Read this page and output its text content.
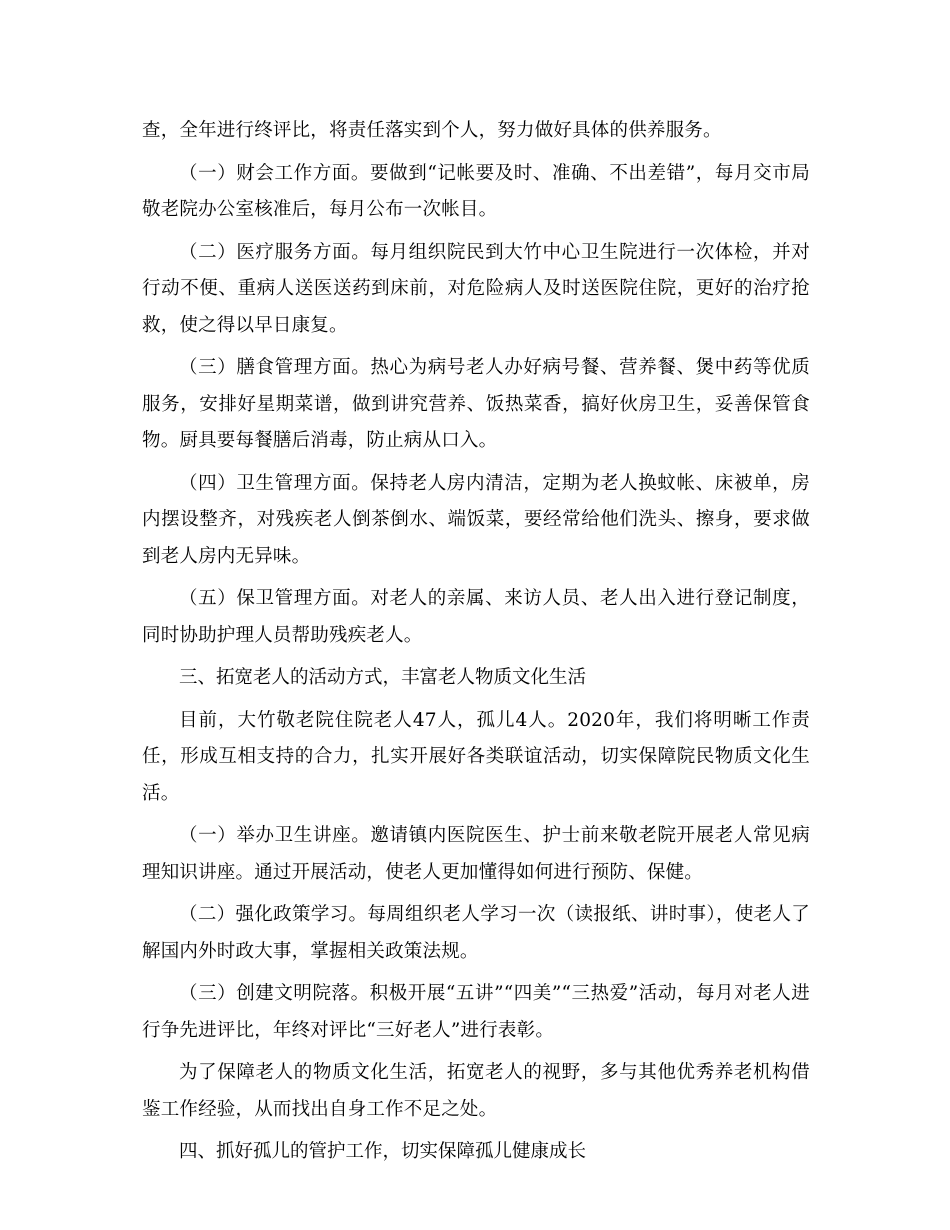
查，全年进行终评比，将责任落实到个人，努力做好具体的供养服务。

（一）财会工作方面。要做到“记帐要及时、准确、不出差错”，每月交市局敬老院办公室核准后，每月公布一次帐目。

（二）医疗服务方面。每月组织院民到大竹中心卫生院进行一次体检，并对行动不便、重病人送医送药到床前，对危险病人及时送医院住院，更好的治疗抢救，使之得以早日康复。

（三）膳食管理方面。热心为病号老人办好病号餐、营养餐、煲中药等优质服务，安排好星期菜谱，做到讲究营养、饭热菜香，搞好伙房卫生，妥善保管食物。厨具要每餐膳后消毒，防止病从口入。

（四）卫生管理方面。保持老人房内清洁，定期为老人换蚊帐、床被单，房内摆设整齐，对残疾老人倒茶倒水、端饭菜，要经常给他们洗头、擦身，要求做到老人房内无异味。

（五）保卫管理方面。对老人的亲属、来访人员、老人出入进行登记制度，同时协助护理人员帮助残疾老人。

三、拓宽老人的活动方式，丰富老人物质文化生活

目前，大竹敬老院住院老人47人，孤儿4人。2020年，我们将明晰工作责任，形成互相支持的合力，扎实开展好各类联谊活动，切实保障院民物质文化生活。

（一）举办卫生讲座。邀请镇内医院医生、护士前来敬老院开展老人常见病理知识讲座。通过开展活动，使老人更加懂得如何进行预防、保健。

（二）强化政策学习。每周组织老人学习一次（读报纸、讲时事），使老人了解国内外时政大事，掌握相关政策法规。

（三）创建文明院落。积极开展“五讲”“四美”“三热爱”活动，每月对老人进行争先进评比，年终对评比“三好老人”进行表彰。

为了保障老人的物质文化生活，拓宽老人的视野，多与其他优秀养老机构借鉴工作经验，从而找出自身工作不足之处。

四、抓好孤儿的管护工作，切实保障孤儿健康成长
